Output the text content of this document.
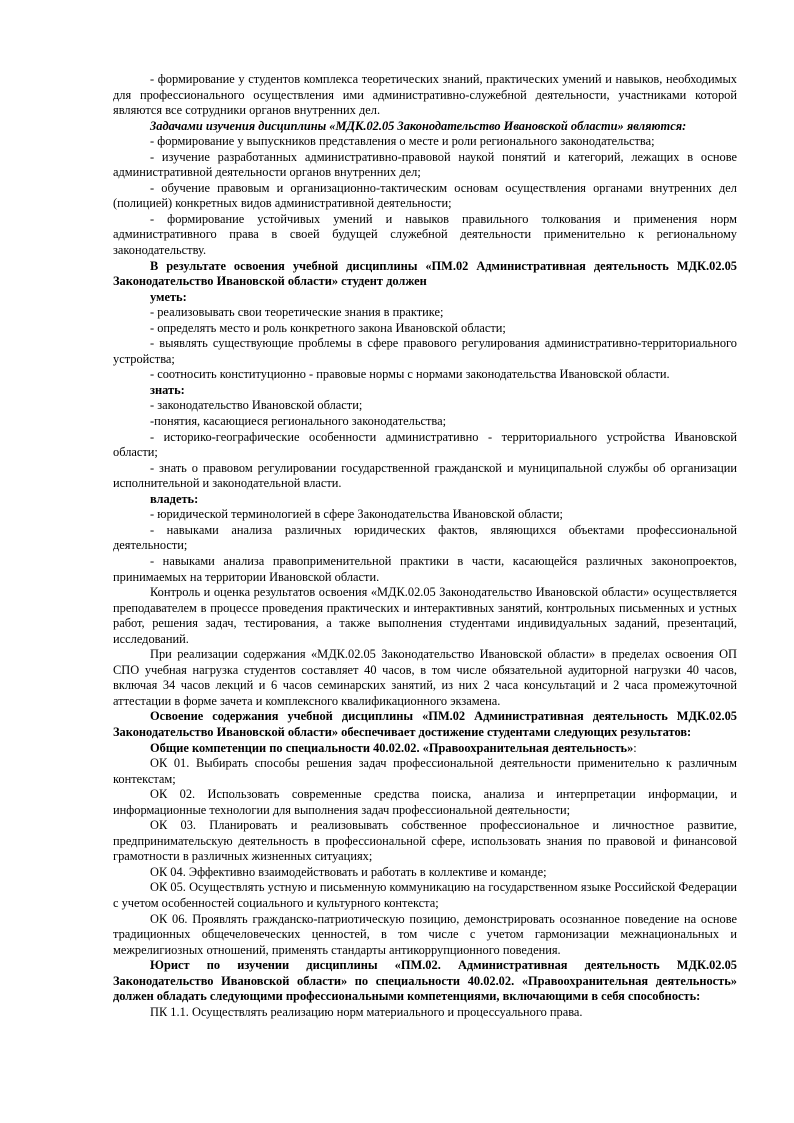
- формирование у студентов комплекса теоретических знаний, практических умений и навыков, необходимых для профессионального осуществления ими административно-служебной деятельности, участниками которой являются все сотрудники органов внутренних дел.

Задачами изучения дисциплины «МДК.02.05 Законодательство Ивановской области» являются:

- формирование у выпускников представления о месте и роли регионального законодательства;

- изучение разработанных административно-правовой наукой понятий и категорий, лежащих в основе административной деятельности органов внутренних дел;

- обучение правовым и организационно-тактическим основам осуществления органами внутренних дел (полицией) конкретных видов административной деятельности;

- формирование устойчивых умений и навыков правильного толкования и применения норм административного права в своей будущей служебной деятельности применительно к региональному законодательству.

В результате освоения учебной дисциплины «ПМ.02 Административная деятельность МДК.02.05 Законодательство Ивановской области» студент должен

уметь:

- реализовывать свои теоретические знания в практике;

- определять место и роль конкретного закона Ивановской области;

- выявлять существующие проблемы в сфере правового регулирования административно-территориального устройства;

- соотносить конституционно - правовые нормы с нормами законодательства Ивановской области.

знать:

- законодательство Ивановской области;

-понятия, касающиеся регионального законодательства;

- историко-географические особенности административно - территориального устройства Ивановской области;

- знать о правовом регулировании государственной гражданской и муниципальной службы об организации исполнительной и законодательной власти.

владеть:

- юридической терминологией в сфере Законодательства Ивановской области;

- навыками анализа различных юридических фактов, являющихся объектами профессиональной деятельности;

- навыками анализа правоприменительной практики в части, касающейся различных законопроектов, принимаемых на территории Ивановской области.

Контроль и оценка результатов освоения «МДК.02.05 Законодательство Ивановской области» осуществляется преподавателем в процессе проведения практических и интерактивных занятий, контрольных письменных и устных работ, решения задач, тестирования, а также выполнения студентами индивидуальных заданий, презентаций, исследований.

При реализации содержания «МДК.02.05 Законодательство Ивановской области» в пределах освоения ОП СПО учебная нагрузка студентов составляет 40 часов, в том числе обязательной аудиторной нагрузки 40 часов, включая 34 часов лекций и 6 часов семинарских занятий, из них 2 часа консультаций и 2 часа промежуточной аттестации в форме зачета и комплексного квалификационного экзамена.

Освоение содержания учебной дисциплины «ПМ.02 Административная деятельность МДК.02.05 Законодательство Ивановской области» обеспечивает достижение студентами следующих результатов:

Общие компетенции по специальности 40.02.02. «Правоохранительная деятельность»:

ОК 01. Выбирать способы решения задач профессиональной деятельности применительно к различным контекстам;

ОК 02. Использовать современные средства поиска, анализа и интерпретации информации, и информационные технологии для выполнения задач профессиональной деятельности;

ОК 03. Планировать и реализовывать собственное профессиональное и личностное развитие, предпринимательскую деятельность в профессиональной сфере, использовать знания по правовой и финансовой грамотности в различных жизненных ситуациях;

ОК 04. Эффективно взаимодействовать и работать в коллективе и команде;

ОК 05. Осуществлять устную и письменную коммуникацию на государственном языке Российской Федерации с учетом особенностей социального и культурного контекста;

ОК 06. Проявлять гражданско-патриотическую позицию, демонстрировать осознанное поведение на основе традиционных общечеловеческих ценностей, в том числе с учетом гармонизации межнациональных и межрелигиозных отношений, применять стандарты антикоррупционного поведения.

Юрист по изучении дисциплины «ПМ.02. Административная деятельность МДК.02.05 Законодательство Ивановской области» по специальности 40.02.02. «Правоохранительная деятельность» должен обладать следующими профессиональными компетенциями, включающими в себя способность:

ПК 1.1. Осуществлять реализацию норм материального и процессуального права.
